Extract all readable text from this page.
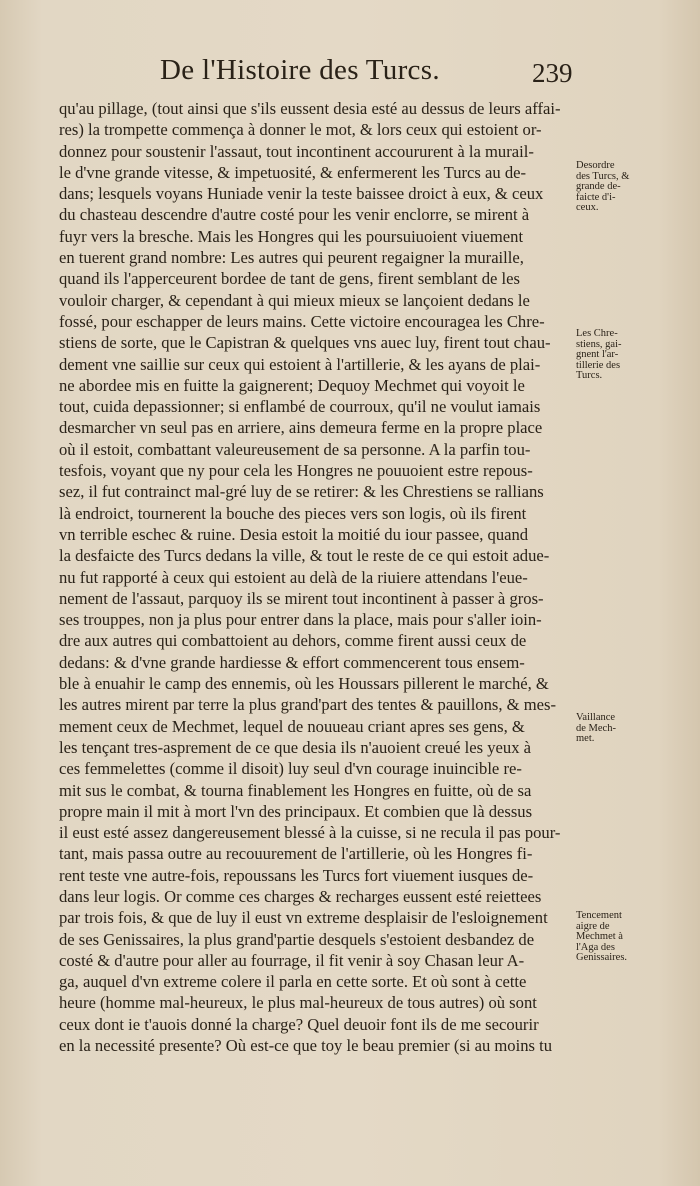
De l'Histoire des Turcs.	239
qu'au pillage, (tout ainsi que s'ils eussent desia esté au dessus de leurs affai-
res) la trompette commença à donner le mot, & lors ceux qui estoient or-
donnez pour soustenir l'assaut, tout incontinent accoururent à la murail-
le d'vne grande vitesse, & impetuosité, & enfermerent les Turcs au de-
dans; lesquels voyans Huniade venir la teste baissee droict à eux, & ceux
du chasteau descendre d'autre costé pour les venir enclorre, se mirent à
fuyr vers la bresche. Mais les Hongres qui les poursuiuoient viuement
en tuerent grand nombre: Les autres qui peurent regaigner la muraille,
quand ils l'apperceurent bordee de tant de gens, firent semblant de les
vouloir charger, & cependant à qui mieux mieux se lançoient dedans le
fossé, pour eschapper de leurs mains. Cette victoire encouragea les Chre-
stiens de sorte, que le Capistran & quelques vns auec luy, firent tout chau-
dement vne saillie sur ceux qui estoient à l'artillerie, & les ayans de plai-
ne abordee mis en fuitte la gaignerent; Dequoy Mechmet qui voyoit le
tout, cuida depassionner; si enflambé de courroux, qu'il ne voulut iamais
desmarcher vn seul pas en arriere, ains demeura ferme en la propre place
où il estoit, combattant valeureusement de sa personne. A la parfin tou-
tesfois, voyant que ny pour cela les Hongres ne pouuoient estre repous-
sez, il fut contrainct mal-gré luy de se retirer: & les Chrestiens se rallians
là endroict, tournerent la bouche des pieces vers son logis, où ils firent
vn terrible eschec & ruine. Desia estoit la moitié du iour passee, quand
la desfaicte des Turcs dedans la ville, & tout le reste de ce qui estoit adue-
nu fut rapporté à ceux qui estoient au delà de la riuiere attendans l'eue-
nement de l'assaut, parquoy ils se mirent tout incontinent à passer à gros-
ses trouppes, non ja plus pour entrer dans la place, mais pour s'aller ioin-
dre aux autres qui combattoient au dehors, comme firent aussi ceux de
dedans: & d'vne grande hardiesse & effort commencerent tous ensem-
ble à enuahir le camp des ennemis, où les Houssars pillerent le marché, &
les autres mirent par terre la plus grand'part des tentes & pauillons, & mes-
mement ceux de Mechmet, lequel de nouueau criant apres ses gens, &
les tençant tres-asprement de ce que desia ils n'auoient creué les yeux à
ces femmelettes (comme il disoit) luy seul d'vn courage inuincible re-
mit sus le combat, & tourna finablement les Hongres en fuitte, où de sa
propre main il mit à mort l'vn des principaux. Et combien que là dessus
il eust esté assez dangereusement blessé à la cuisse, si ne recula il pas pour-
tant, mais passa outre au recouurement de l'artillerie, où les Hongres fi-
rent teste vne autre-fois, repoussans les Turcs fort viuement iusques de-
dans leur logis. Or comme ces charges & recharges eussent esté reiettees
par trois fois, & que de luy il eust vn extreme desplaisir de l'esloignement
de ses Genissaires, la plus grand'partie desquels s'estoient desbandez de
costé & d'autre pour aller au fourrage, il fit venir à soy Chasan leur A-
ga, auquel d'vn extreme colere il parla en cette sorte. Et où sont à cette
heure (homme mal-heureux, le plus mal-heureux de tous autres) où sont
ceux dont ie t'auois donné la charge? Quel deuoir font ils de me secourir
en la necessité presente? Où est-ce que toy le beau premier (si au moins tu
Desordre
des Turcs, &
grande de-
faicte d'i-
ceux.
Les Chre-
stiens, gai-
gnent l'ar-
tillerie des
Turcs.
Vaillance
de Mech-
met.
Tencement
aigre de
Mechmet à
l'Aga des
Genissaires.
